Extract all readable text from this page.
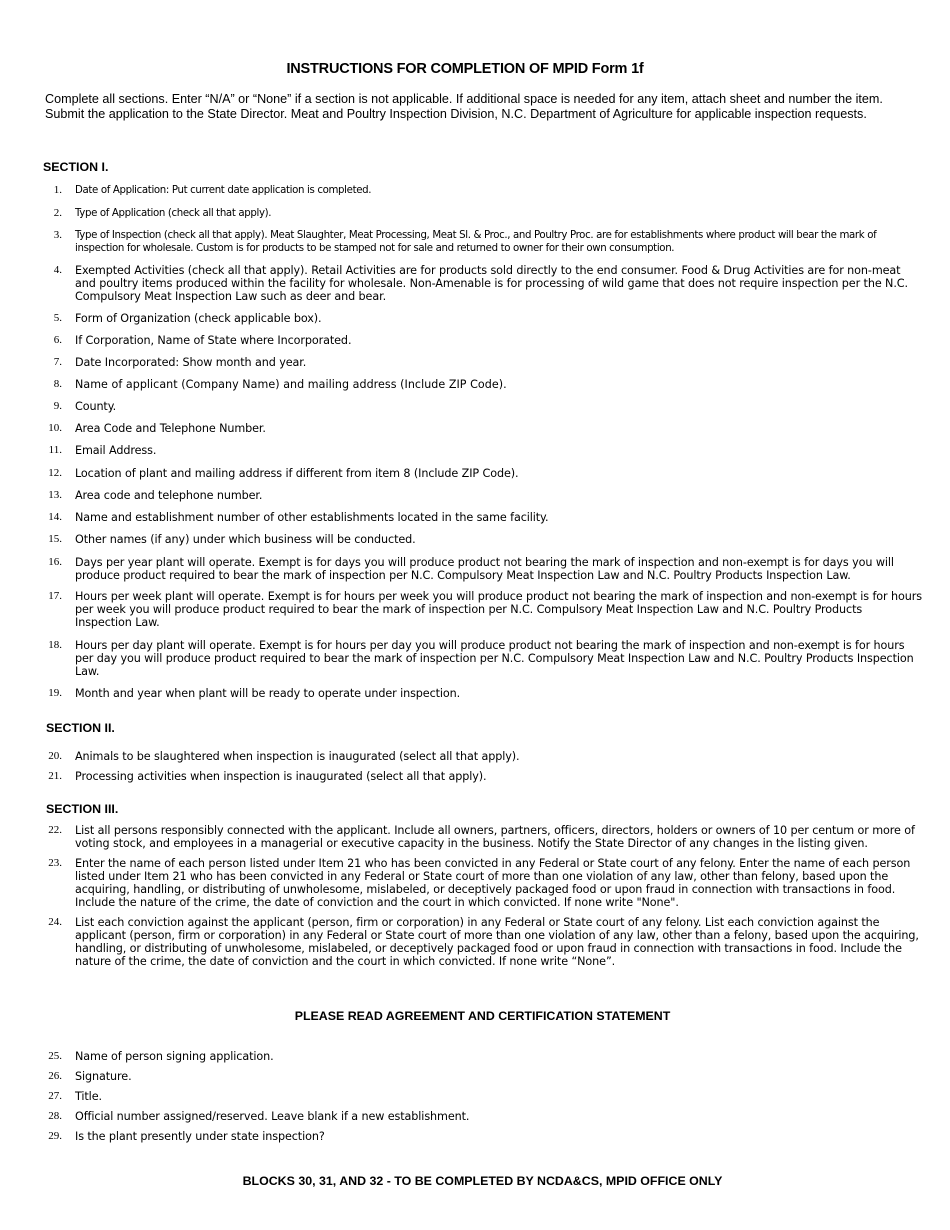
INSTRUCTIONS FOR COMPLETION OF MPID Form 1f
Complete all sections. Enter “N/A” or “None” if a section is not applicable. If additional space is needed for any item, attach sheet and number the item. Submit the application to the State Director. Meat and Poultry Inspection Division, N.C. Department of Agriculture for applicable inspection requests.
SECTION I.
1. Date of Application: Put current date application is completed.
2. Type of Application (check all that apply).
3. Type of Inspection (check all that apply). Meat Slaughter, Meat Processing, Meat Sl. & Proc., and Poultry Proc. are for establishments where product will bear the mark of inspection for wholesale. Custom is for products to be stamped not for sale and returned to owner for their own consumption.
4. Exempted Activities (check all that apply). Retail Activities are for products sold directly to the end consumer. Food & Drug Activities are for non-meat and poultry items produced within the facility for wholesale. Non-Amenable is for processing of wild game that does not require inspection per the N.C. Compulsory Meat Inspection Law such as deer and bear.
5. Form of Organization (check applicable box).
6. If Corporation, Name of State where Incorporated.
7. Date Incorporated: Show month and year.
8. Name of applicant (Company Name) and mailing address (Include ZIP Code).
9. County.
10. Area Code and Telephone Number.
11. Email Address.
12. Location of plant and mailing address if different from item 8 (Include ZIP Code).
13. Area code and telephone number.
14. Name and establishment number of other establishments located in the same facility.
15. Other names (if any) under which business will be conducted.
16. Days per year plant will operate. Exempt is for days you will produce product not bearing the mark of inspection and non-exempt is for days you will produce product required to bear the mark of inspection per N.C. Compulsory Meat Inspection Law and N.C. Poultry Products Inspection Law.
17. Hours per week plant will operate. Exempt is for hours per week you will produce product not bearing the mark of inspection and non-exempt is for hours per week you will produce product required to bear the mark of inspection per N.C. Compulsory Meat Inspection Law and N.C. Poultry Products Inspection Law.
18. Hours per day plant will operate. Exempt is for hours per day you will produce product not bearing the mark of inspection and non-exempt is for hours per day you will produce product required to bear the mark of inspection per N.C. Compulsory Meat Inspection Law and N.C. Poultry Products Inspection Law.
19. Month and year when plant will be ready to operate under inspection.
SECTION II.
20. Animals to be slaughtered when inspection is inaugurated (select all that apply).
21. Processing activities when inspection is inaugurated (select all that apply).
SECTION III.
22. List all persons responsibly connected with the applicant. Include all owners, partners, officers, directors, holders or owners of 10 per centum or more of voting stock, and employees in a managerial or executive capacity in the business. Notify the State Director of any changes in the listing given.
23. Enter the name of each person listed under Item 21 who has been convicted in any Federal or State court of any felony. Enter the name of each person listed under Item 21 who has been convicted in any Federal or State court of more than one violation of any law, other than felony, based upon the acquiring, handling, or distributing of unwholesome, mislabeled, or deceptively packaged food or upon fraud in connection with transactions in food. Include the nature of the crime, the date of conviction and the court in which convicted. If none write "None".
24. List each conviction against the applicant (person, firm or corporation) in any Federal or State court of any felony. List each conviction against the applicant (person, firm or corporation) in any Federal or State court of more than one violation of any law, other than a felony, based upon the acquiring, handling, or distributing of unwholesome, mislabeled, or deceptively packaged food or upon fraud in connection with transactions in food. Include the nature of the crime, the date of conviction and the court in which convicted. If none write “None”.
PLEASE READ AGREEMENT AND CERTIFICATION STATEMENT
25. Name of person signing application.
26. Signature.
27. Title.
28. Official number assigned/reserved. Leave blank if a new establishment.
29. Is the plant presently under state inspection?
BLOCKS 30, 31, AND 32 - TO BE COMPLETED BY NCDA&CS, MPID OFFICE ONLY
